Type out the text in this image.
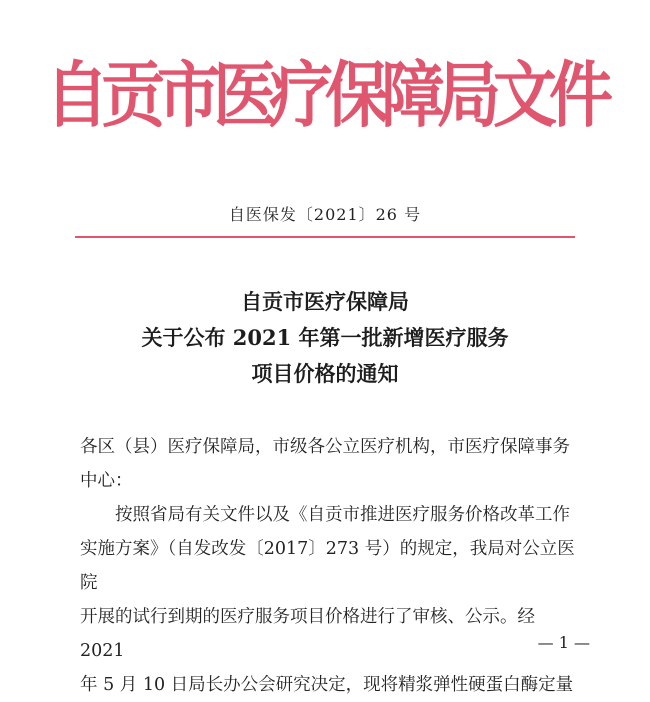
自贡市医疗保障局文件
自医保发〔2021〕26 号
自贡市医疗保障局
关于公布 2021 年第一批新增医疗服务
项目价格的通知

各区（县）医疗保障局，市级各公立医疗机构，市医疗保障事务

中心：

按照省局有关文件以及《自贡市推进医疗服务价格改革工作

实施方案》（自发改发〔2017〕273 号）的规定，我局对公立医院

开展的试行到期的医疗服务项目价格进行了审核、公示。经 2021

年 5 月 10 日局长办公会研究决定，现将精浆弹性硬蛋白酶定量

— 1 —
